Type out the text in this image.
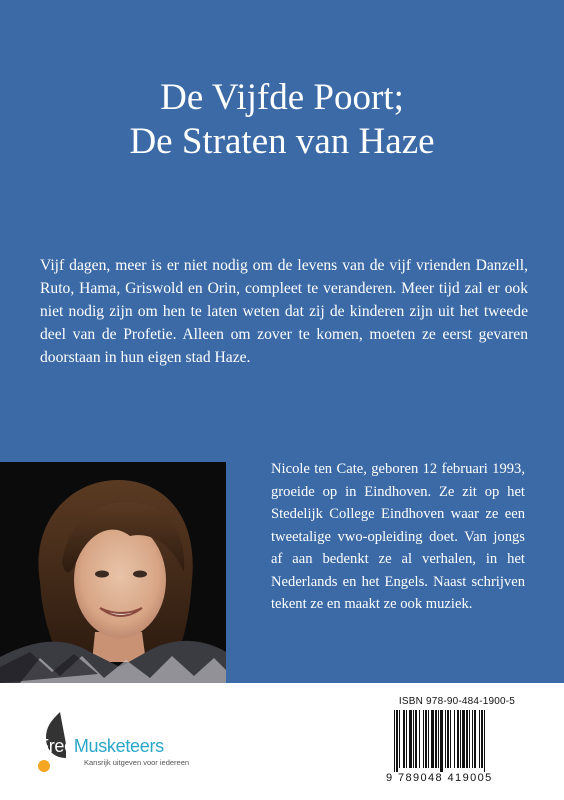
De Vijfde Poort;
De Straten van Haze

Vijf dagen, meer is er niet nodig om de levens van de vijf vrienden Danzell, Ruto, Hama, Griswold en Orin, compleet te veranderen. Meer tijd zal er ook niet nodig zijn om hen te laten weten dat zij de kinderen zijn uit het tweede deel van de Profetie. Alleen om zover te komen, moeten ze eerst gevaren doorstaan in hun eigen stad Haze.

Nicole ten Cate, geboren 12 februari 1993, groeide op in Eindhoven. Ze zit op het Stedelijk College Eindhoven waar ze een tweetalige vwo-opleiding doet. Van jongs af aan bedenkt ze al verhalen, in het Nederlands en het Engels. Naast schrijven tekent ze en maakt ze ook muziek.

FreeMusketeers
Kansrijk uitgeven voor iedereen
ISBN 978-90-484-1900-5
9 789048 419005
